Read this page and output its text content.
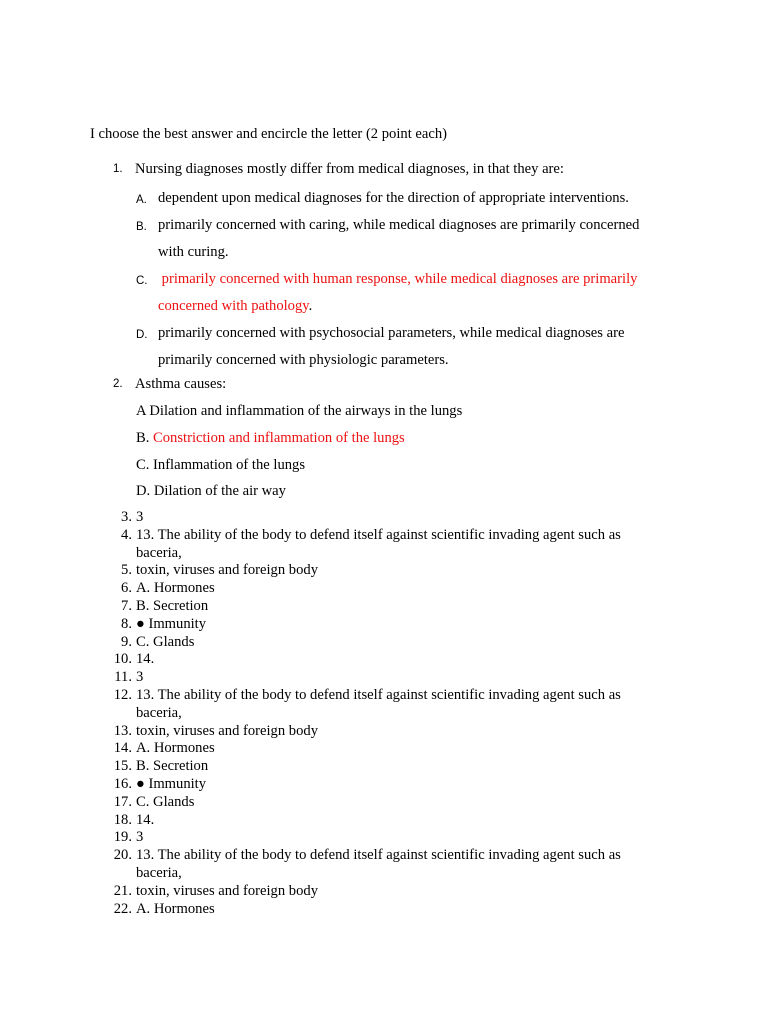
I choose the best answer and encircle the letter (2 point each)

1. Nursing diagnoses mostly differ from medical diagnoses, in that they are:
A. dependent upon medical diagnoses for the direction of appropriate interventions.
B. primarily concerned with caring, while medical diagnoses are primarily concerned with curing.
C. primarily concerned with human response, while medical diagnoses are primarily concerned with pathology.
D. primarily concerned with psychosocial parameters, while medical diagnoses are primarily concerned with physiologic parameters.
2. Asthma causes:
A Dilation and inflammation of the airways in the lungs
B. Constriction and inflammation of the lungs
C. Inflammation of the lungs
D. Dilation of the air way
3. 3
4. 13. The ability of the body to defend itself against scientific invading agent such as baceria,
5. toxin, viruses and foreign body
6. A. Hormones
7. B. Secretion
8. ● Immunity
9. C. Glands
10. 14.
11. 3
12. 13. The ability of the body to defend itself against scientific invading agent such as baceria,
13. toxin, viruses and foreign body
14. A. Hormones
15. B. Secretion
16. ● Immunity
17. C. Glands
18. 14.
19. 3
20. 13. The ability of the body to defend itself against scientific invading agent such as baceria,
21. toxin, viruses and foreign body
22. A. Hormones
